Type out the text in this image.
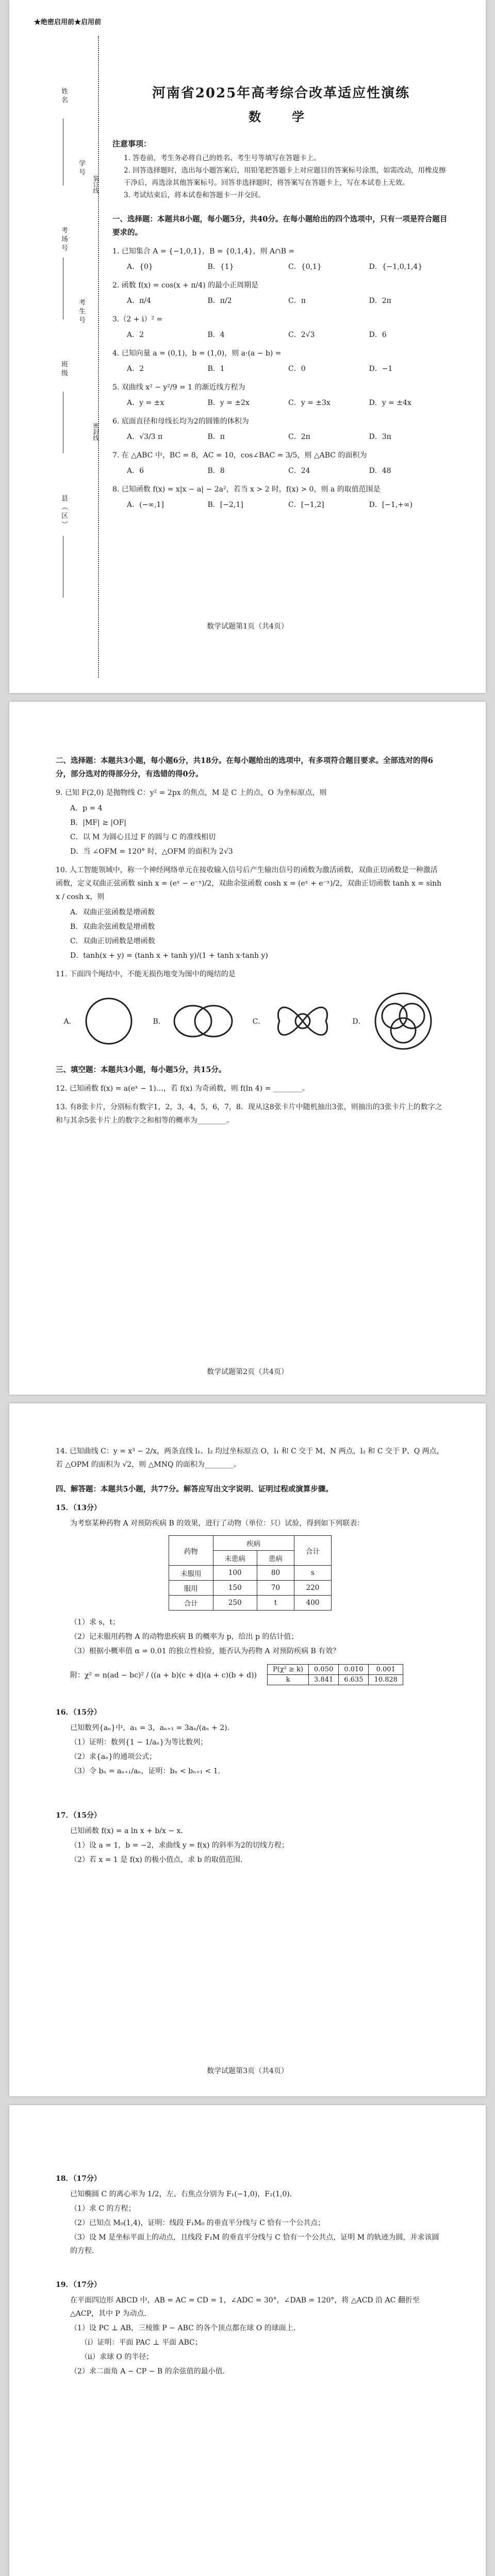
★绝密启用前★启用前
姓名
学号
考场号
考生号
班级
县（区）
装订线
密封线
河南省2025年高考综合改革适应性演练
数　学
注意事项：

1. 答卷前，考生务必将自己的姓名、考生号等填写在答题卡上。

2. 回答选择题时，选出每小题答案后，用铅笔把答题卡上对应题目的答案标号涂黑，如需改动，用橡皮擦干净后，再选涂其他答案标号。回答非选择题时，将答案写在答题卡上，写在本试卷上无效。

3. 考试结束后，将本试卷和答题卡一并交回。

一、选择题：本题共8小题，每小题5分，共40分。在每小题给出的四个选项中，只有一项是符合题目要求的。
1. 已知集合 A = {−1,0,1}，B = {0,1,4}，则 A∩B =
A．{0}	B．{1}	C．{0,1}	D．{−1,0,1,4}
2. 函数 f(x) = cos(x + π/4) 的最小正周期是
A．π/4	B．π/2	C．π	D．2π
3.（2 + i）² =
A．2	B．4	C．2√3	D．6
4. 已知向量 a = (0,1)，b = (1,0)，则 a·(a − b) =
A．2	B．1	C．0	D．−1
5. 双曲线 x² − y²/9 = 1 的渐近线方程为
A．y = ±x	B．y = ±2x	C．y = ±3x	D．y = ±4x
6. 底面直径和母线长均为2的圆锥的体积为
A．√3/3 π	B．π	C．2π	D．3π
7. 在 △ABC 中，BC = 8，AC = 10，cos∠BAC = 3/5，则 △ABC 的面积为
A．6	B．8	C．24	D．48
8. 已知函数 f(x) = x|x − a| − 2a²，若当 x > 2 时，f(x) > 0，则 a 的取值范围是
A．(−∞,1]	B．[−2,1]	C．[−1,2]	D．[−1,+∞)
数学试题第1页（共4页）
二、选择题：本题共3小题，每小题6分，共18分。在每小题给出的选项中，有多项符合题目要求。全部选对的得6分，部分选对的得部分分，有选错的得0分。
9. 已知 F(2,0) 是抛物线 C：y² = 2px 的焦点，M 是 C 上的点，O 为坐标原点，则
A．p = 4
B．|MF| ≥ |OF|
C．以 M 为圆心且过 F 的圆与 C 的准线相切
D．当 ∠OFM = 120° 时，△OFM 的面积为 2√3
10. 人工智能领域中，称一个神经网络单元在接收输入信号后产生输出信号的函数为激活函数，双曲正切函数是一种激活函数，定义双曲正弦函数 sinh x = (eˣ − e⁻ˣ)/2，双曲余弦函数 cosh x = (eˣ + e⁻ˣ)/2，双曲正切函数 tanh x = sinh x / cosh x，则
A．双曲正弦函数是增函数
B．双曲余弦函数是增函数
C．双曲正切函数是增函数
D．tanh(x + y) = (tanh x + tanh y)/(1 + tanh x·tanh y)
11. 下面四个绳结中，不能无损伤地变为图中的绳结的是
A．	B．	C．	D．
三、填空题：本题共3小题，每小题5分，共15分。
12. 已知函数 f(x) = a(eˣ − 1)…，若 f(x) 为奇函数，则 f(ln 4) = ________。
13. 有8张卡片，分别标有数字1，2，3，4，5，6，7，8．现从这8张卡片中随机抽出3张，则抽出的3张卡片上的数字之和与其余5张卡片上的数字之和相等的概率为________。
数学试题第2页（共4页）
14. 已知曲线 C：y = x³ − 2/x，两条直线 l₁、l₂ 均过坐标原点 O，l₁ 和 C 交于 M、N 两点，l₂ 和 C 交于 P、Q 两点，若 △OPM 的面积为 √2，则 △MNQ 的面积为________。
四、解答题：本题共5小题，共77分。解答应写出文字说明、证明过程或演算步骤。
15．（13分）
为考察某种药物 A 对预防疾病 B 的效果，进行了动物（单位：只）试验，得到如下列联表：
药物	疾病		合计
	未患病	患病	
未服用	100	80	s
服用	150	70	220
合计	250	t	400
（1）求 s，t；
（2）记未服用药物 A 的动物患疾病 B 的概率为 p，给出 p 的估计值；
（3）根据小概率值 α = 0.01 的独立性检验，能否认为药物 A 对预防疾病 B 有效？
附：χ² = n(ad − bc)² / ((a + b)(c + d)(a + c)(b + d))
P(χ² ≥ k)	0.050	0.010	0.001
k	3.841	6.635	10.828
16．（15分）
已知数列{aₙ}中，a₁ = 3，aₙ₊₁ = 3aₙ/(aₙ + 2)．
（1）证明：数列{1 − 1/aₙ}为等比数列；
（2）求{aₙ}的通项公式；
（3）令 bₙ = aₙ₊₁/aₙ，证明：bₙ < bₙ₊₁ < 1．
17．（15分）
已知函数 f(x) = a ln x + b/x − x．
（1）设 a = 1，b = −2，求曲线 y = f(x) 的斜率为2的切线方程；
（2）若 x = 1 是 f(x) 的极小值点，求 b 的取值范围．
数学试题第3页（共4页）
18．（17分）
已知椭圆 C 的离心率为 1/2，左、右焦点分别为 F₁(−1,0)，F₂(1,0)．
（1）求 C 的方程；
（2）已知点 M₀(1,4)，证明：线段 F₁M₀ 的垂直平分线与 C 恰有一个公共点；
（3）设 M 是坐标平面上的动点，且线段 F₁M 的垂直平分线与 C 恰有一个公共点，证明 M 的轨迹为圆，并求该圆的方程．
19．（17分）
在平面四边形 ABCD 中，AB = AC = CD = 1，∠ADC = 30°，∠DAB = 120°，将 △ACD 沿 AC 翻折至 △ACP，其中 P 为动点．
（1）设 PC ⊥ AB，三棱锥 P − ABC 的各个顶点都在球 O 的球面上．
（i）证明：平面 PAC ⊥ 平面 ABC；
（ii）求球 O 的半径；
（2）求二面角 A − CP − B 的余弦值的最小值．
